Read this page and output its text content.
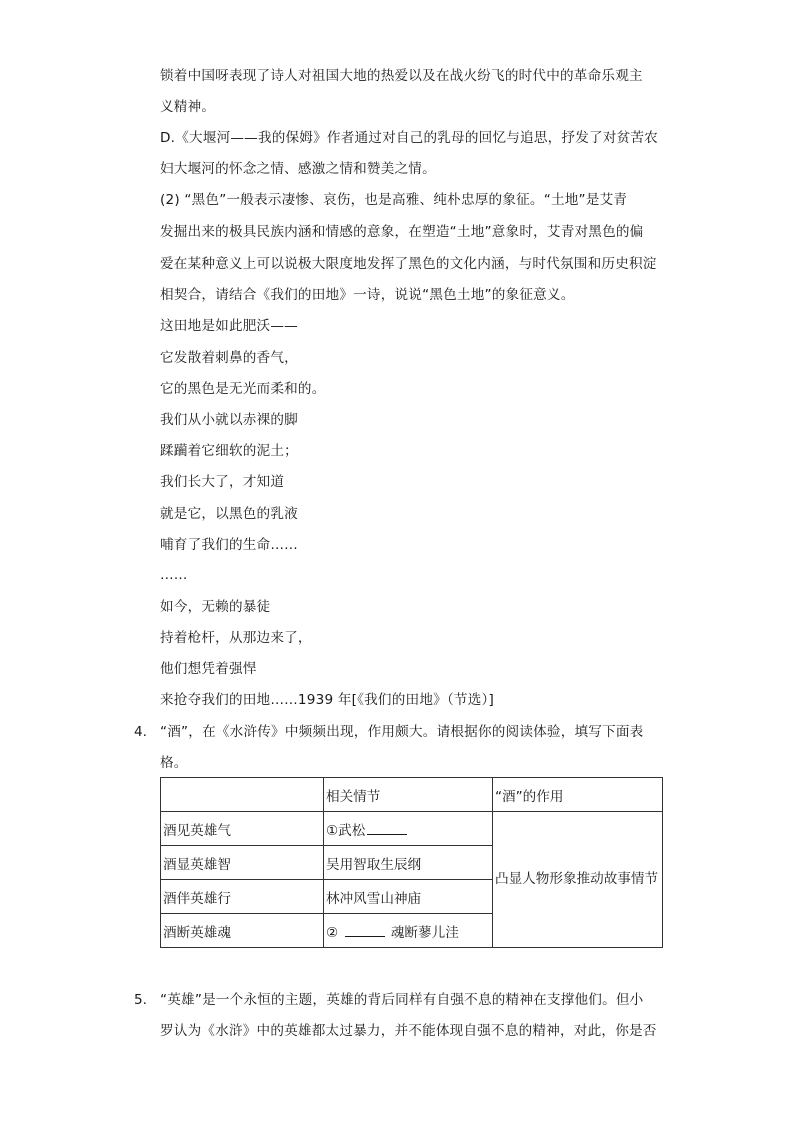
锁着中国呀表现了诗人对祖国大地的热爱以及在战火纷飞的时代中的革命乐观主
义精神。
D.《大堰河——我的保姆》作者通过对自己的乳母的回忆与追思，抒发了对贫苦农
妇大堰河的怀念之情、感激之情和赞美之情。
(2) “黑色”一般表示凄惨、哀伤，也是高雅、纯朴忠厚的象征。“土地”是艾青
发掘出来的极具民族内涵和情感的意象，在塑造“土地”意象时，艾青对黑色的偏
爱在某种意义上可以说极大限度地发挥了黑色的文化内涵，与时代氛围和历史积淀
相契合，请结合《我们的田地》一诗，说说“黑色土地”的象征意义。
这田地是如此肥沃——
它发散着刺鼻的香气，
它的黑色是无光而柔和的。
我们从小就以赤裸的脚
蹂躏着它细软的泥土；
我们长大了，才知道
就是它，以黑色的乳液
哺育了我们的生命……
……
如今，无赖的暴徒
持着枪杆，从那边来了，
他们想凭着强悍
来抢夺我们的田地……1939 年[《我们的田地》（节选）]
4. “酒”，在《水浒传》中频频出现，作用颇大。请根据你的阅读体验，填写下面表
格。
	相关情节	“酒”的作用
酒见英雄气	①武松	凸显人物形象推动故事情节
酒显英雄智	吴用智取生辰纲	
酒伴英雄行	林冲风雪山神庙	
酒断英雄魂	② 魂断蓼儿洼	
5. “英雄”是一个永恒的主题，英雄的背后同样有自强不息的精神在支撑他们。但小
罗认为《水浒》中的英雄都太过暴力，并不能体现自强不息的精神，对此，你是否
